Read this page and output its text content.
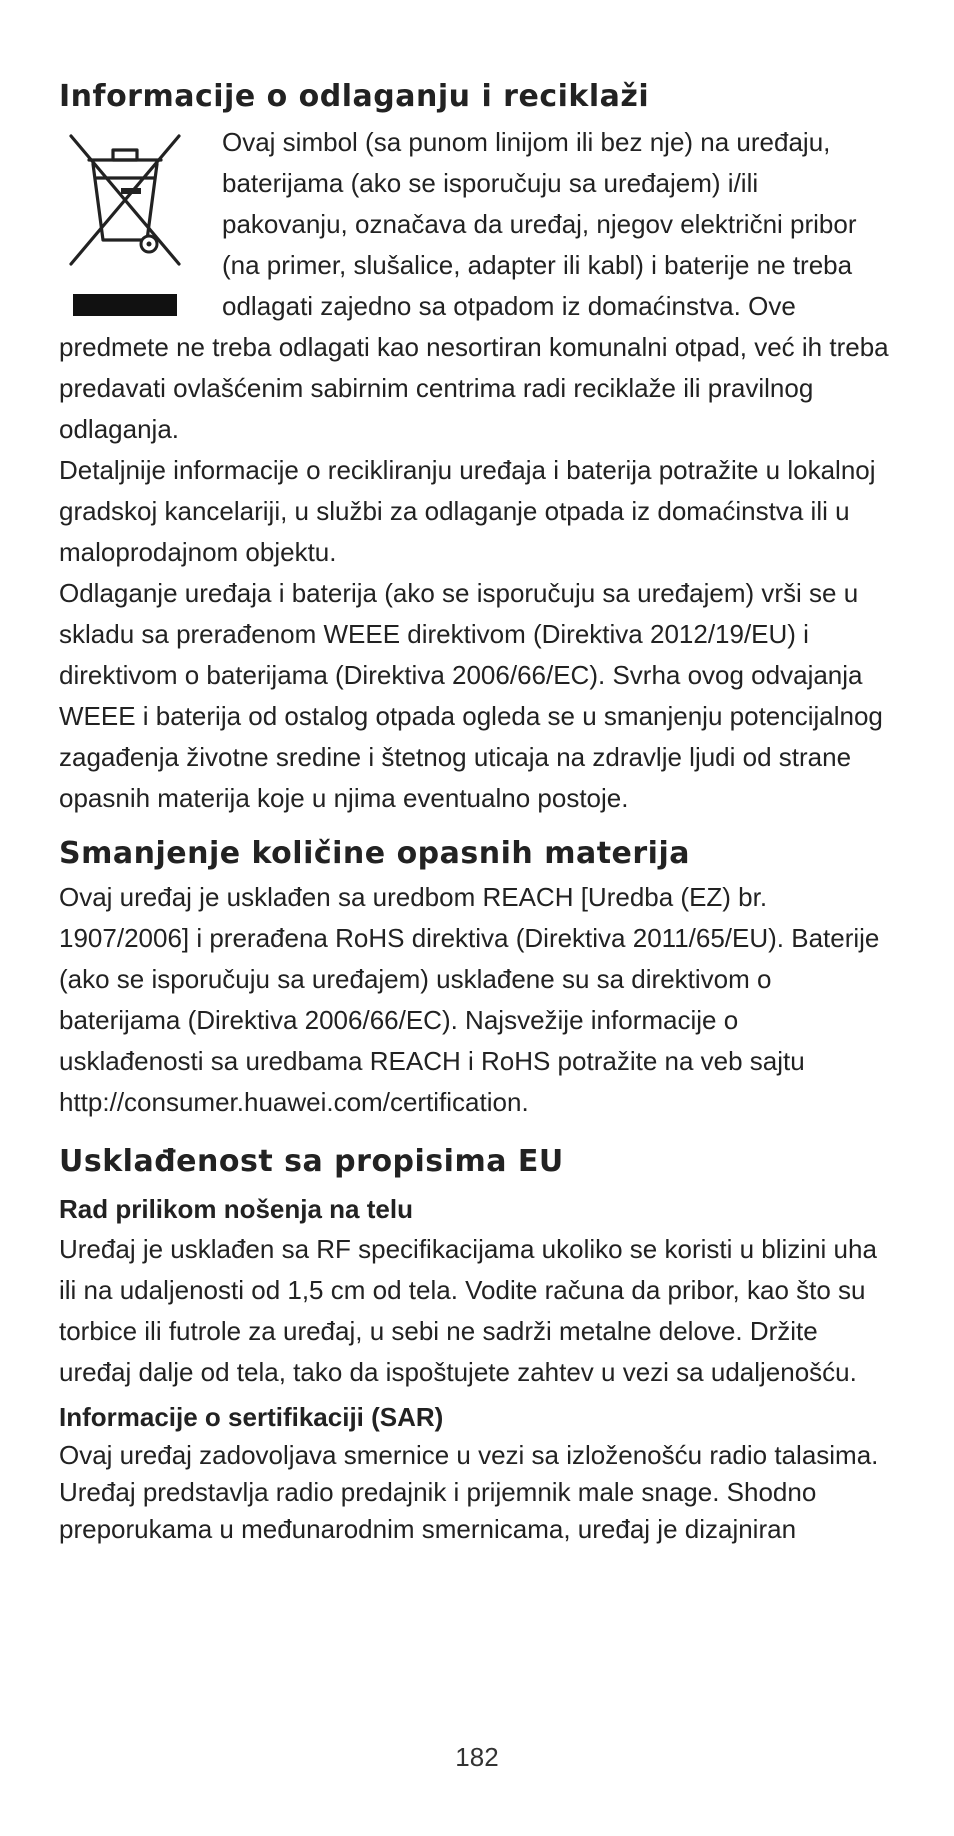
Informacije o odlaganju i reciklaži

Ovaj simbol (sa punom linijom ili bez nje) na uređaju, baterijama (ako se isporučuju sa uređajem) i/ili pakovanju, označava da uređaj, njegov električni pribor (na primer, slušalice, adapter ili kabl) i baterije ne treba odlagati zajedno sa otpadom iz domaćinstva. Ove predmete ne treba odlagati kao nesortiran komunalni otpad, već ih treba predavati ovlašćenim sabirnim centrima radi reciklaže ili pravilnog odlaganja.

Detaljnije informacije o recikliranju uređaja i baterija potražite u lokalnoj gradskoj kancelariji, u službi za odlaganje otpada iz domaćinstva ili u maloprodajnom objektu.

Odlaganje uređaja i baterija (ako se isporučuju sa uređajem) vrši se u skladu sa prerađenom WEEE direktivom (Direktiva 2012/19/EU) i direktivom o baterijama (Direktiva 2006/66/EC). Svrha ovog odvajanja WEEE i baterija od ostalog otpada ogleda se u smanjenju potencijalnog zagađenja životne sredine i štetnog uticaja na zdravlje ljudi od strane opasnih materija koje u njima eventualno postoje.

Smanjenje količine opasnih materija

Ovaj uređaj je usklađen sa uredbom REACH [Uredba (EZ) br. 1907/2006] i prerađena RoHS direktiva (Direktiva 2011/65/EU). Baterije (ako se isporučuju sa uređajem) usklađene su sa direktivom o baterijama (Direktiva 2006/66/EC). Najsvežije informacije o usklađenosti sa uredbama REACH i RoHS potražite na veb sajtu http://consumer.huawei.com/certification.

Usklađenost sa propisima EU
Rad prilikom nošenja na telu

Uređaj je usklađen sa RF specifikacijama ukoliko se koristi u blizini uha ili na udaljenosti od 1,5 cm od tela. Vodite računa da pribor, kao što su torbice ili futrole za uređaj, u sebi ne sadrži metalne delove. Držite uređaj dalje od tela, tako da ispoštujete zahtev u vezi sa udaljenošću.

Informacije o sertifikaciji (SAR)

Ovaj uređaj zadovoljava smernice u vezi sa izloženošću radio talasima.

Uređaj predstavlja radio predajnik i prijemnik male snage. Shodno preporukama u međunarodnim smernicama, uređaj je dizajniran

182
